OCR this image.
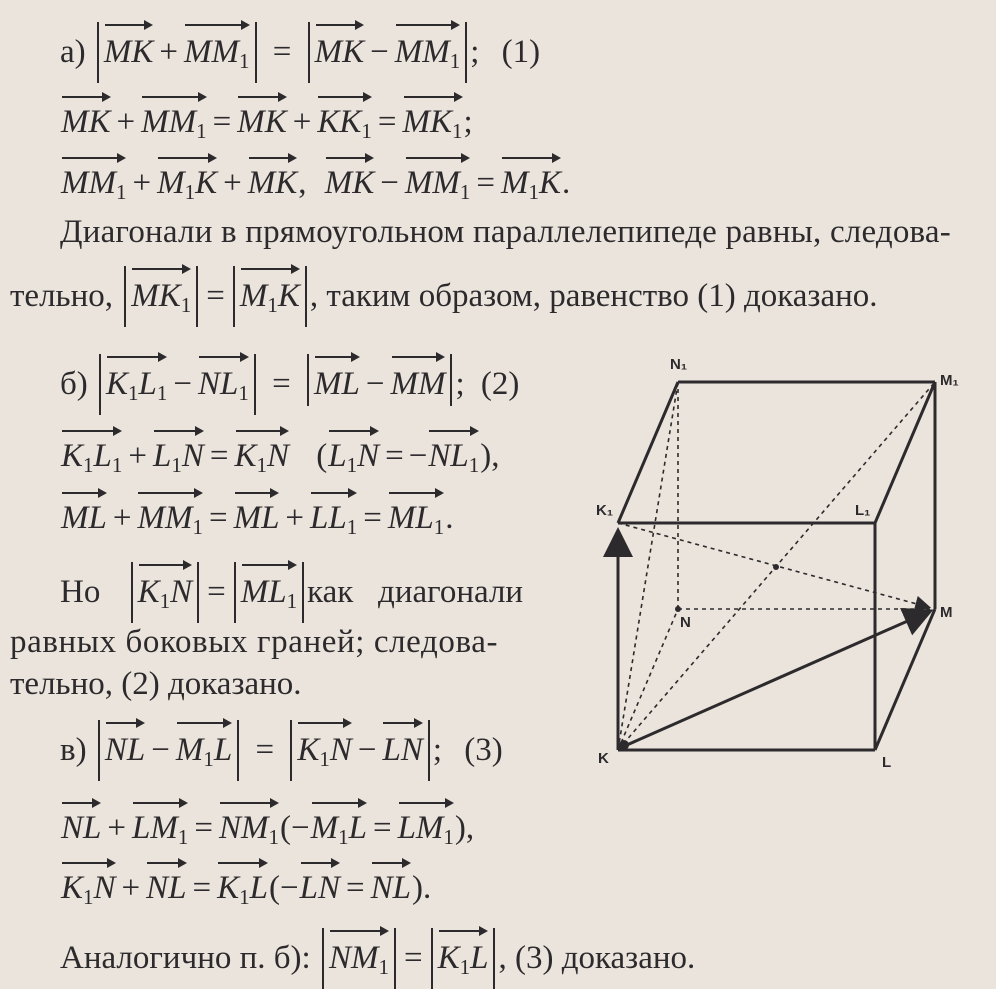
а) MK + $MM_1$ = MK − $MM_1$ ; (1)
MK + $MM_1$ = MK + $KK_1 = MK_1$;
$MM_1 + M_1K$ + MK, MK − $MM_1 = M_1K$.
Диагонали в прямоугольном параллелепипеде равны, следова-
тельно, $MK_1 = M_1K$ , таким образом, равенство (1) доказано.
б) $K_1L_1 - NL_1$ = ML − MM ; (2)
$K_1L_1 + L_1N = K_1N$ $(L_1N = -NL_1)$,
ML + $MM_1$ = ML + $LL_1 = ML_1$.
Но $K_1N = ML_1$ как   диагонали
равных боковых граней; следова-
тельно, (2) доказано.
в) NL − $M_1L = K_1N$ − LN ; (3)
NL + $LM_1 = NM_1(-M_1L = LM_1)$,
$K_1N$ + NL = $K_1L(-LN = NL)$.
Аналогично п. б): $NM_1 = K_1L$ , (3) доказано.
N₁
M₁
K₁	L₁
N
M
K	L
